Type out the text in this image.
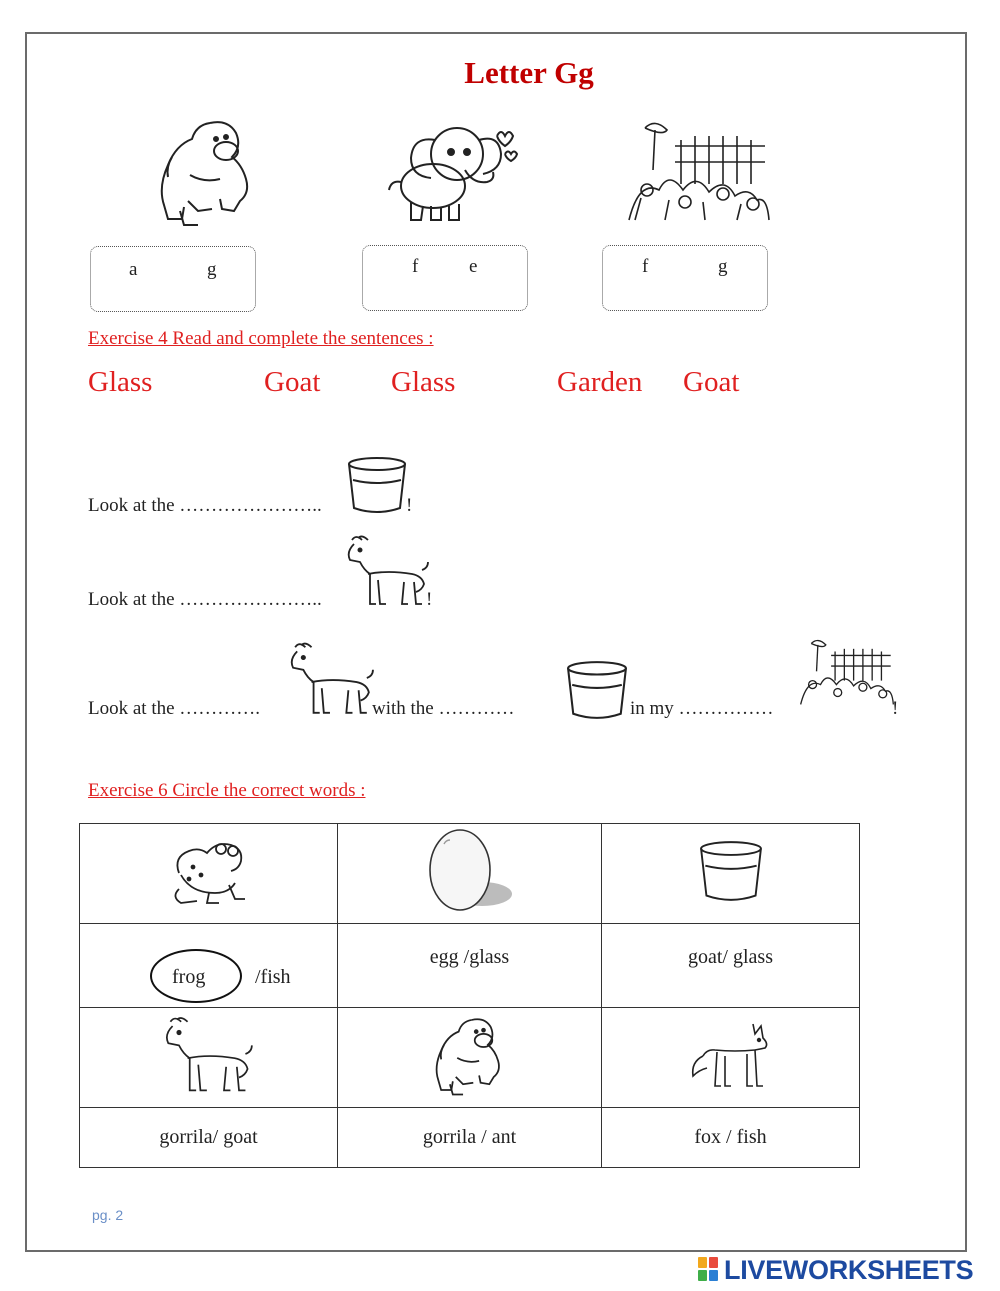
Letter Gg
a	g	f	e	f	g
Exercise 4 Read and complete the sentences :
Glass	Goat Glass	Garden Goat
Look at the …………………..	!
Look at the …………………..	!
Look at the ………….	with the …………	in my ……………	!
Exercise 6 Circle the correct words :

frog /fish	egg /glass	goat/ glass

gorrila/ goat	gorrila / ant	fox / fish
pg. 2
LIVEWORKSHEETS
